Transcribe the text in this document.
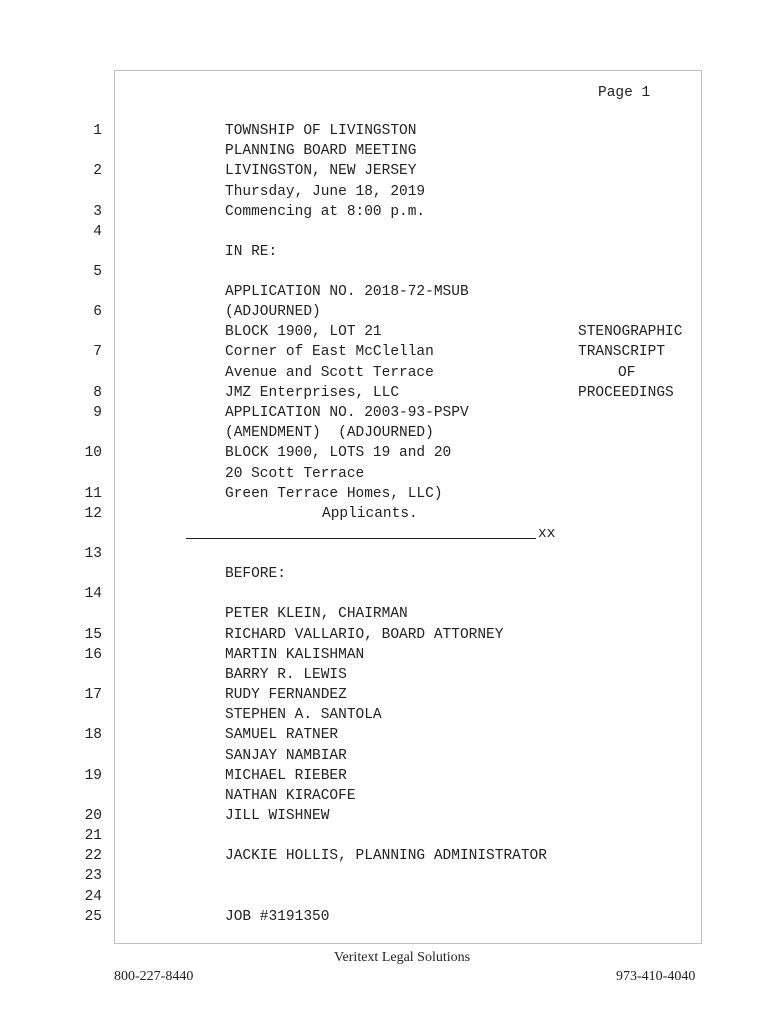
Page 1
1
2
3
4
5
6
7
8
9
10
11
12
13
14
15
16
17
18
19
20
21
22
23
24
25
TOWNSHIP OF LIVINGSTON
PLANNING BOARD MEETING
LIVINGSTON, NEW JERSEY
Thursday, June 18, 2019
Commencing at 8:00 p.m.
IN RE:
APPLICATION NO. 2018-72-MSUB
(ADJOURNED)
BLOCK 1900, LOT 21
Corner of East McClellan
Avenue and Scott Terrace
JMZ Enterprises, LLC
APPLICATION NO. 2003-93-PSPV
(AMENDMENT)  (ADJOURNED)
BLOCK 1900, LOTS 19 and 20
20 Scott Terrace
Green Terrace Homes, LLC)
Applicants.
xx
STENOGRAPHIC
TRANSCRIPT
OF
PROCEEDINGS
BEFORE:
PETER KLEIN, CHAIRMAN
RICHARD VALLARIO, BOARD ATTORNEY
MARTIN KALISHMAN
BARRY R. LEWIS
RUDY FERNANDEZ
STEPHEN A. SANTOLA
SAMUEL RATNER
SANJAY NAMBIAR
MICHAEL RIEBER
NATHAN KIRACOFE
JILL WISHNEW
JACKIE HOLLIS, PLANNING ADMINISTRATOR
JOB #3191350
Veritext Legal Solutions
800-227-8440	973-410-4040
